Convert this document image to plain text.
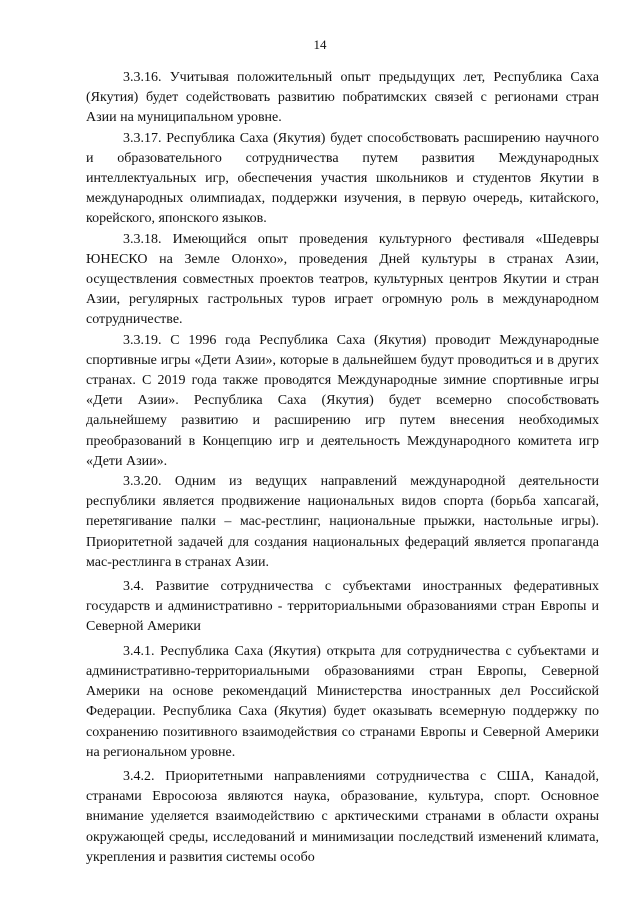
14

3.3.16. Учитывая положительный опыт предыдущих лет, Республика Саха (Якутия) будет содействовать развитию побратимских связей с регионами стран Азии на муниципальном уровне.

3.3.17. Республика Саха (Якутия) будет способствовать расширению научного и образовательного сотрудничества путем развития Международных интеллектуальных игр, обеспечения участия школьников и студентов Якутии в международных олимпиадах, поддержки изучения, в первую очередь, китайского, корейского, японского языков.

3.3.18. Имеющийся опыт проведения культурного фестиваля «Шедевры ЮНЕСКО на Земле Олонхо», проведения Дней культуры в странах Азии, осуществления совместных проектов театров, культурных центров Якутии и стран Азии, регулярных гастрольных туров играет огромную роль в международном сотрудничестве.

3.3.19. С 1996 года Республика Саха (Якутия) проводит Международные спортивные игры «Дети Азии», которые в дальнейшем будут проводиться и в других странах. С 2019 года также проводятся Международные зимние спортивные игры «Дети Азии». Республика Саха (Якутия) будет всемерно способствовать дальнейшему развитию и расширению игр путем внесения необходимых преобразований в Концепцию игр и деятельность Международного комитета игр «Дети Азии».

3.3.20. Одним из ведущих направлений международной деятельности республики является продвижение национальных видов спорта (борьба хапсагай, перетягивание палки – мас-рестлинг, национальные прыжки, настольные игры). Приоритетной задачей для создания национальных федераций является пропаганда мас-рестлинга в странах Азии.

3.4. Развитие сотрудничества с субъектами иностранных федеративных государств и административно - территориальными образованиями стран Европы и Северной Америки

3.4.1. Республика Саха (Якутия) открыта для сотрудничества с субъектами и административно-территориальными образованиями стран Европы, Северной Америки на основе рекомендаций Министерства иностранных дел Российской Федерации. Республика Саха (Якутия) будет оказывать всемерную поддержку по сохранению позитивного взаимодействия со странами Европы и Северной Америки на региональном уровне.

3.4.2. Приоритетными направлениями сотрудничества с США, Канадой, странами Евросоюза являются наука, образование, культура, спорт. Основное внимание уделяется взаимодействию с арктическими странами в области охраны окружающей среды, исследований и минимизации последствий изменений климата, укрепления и развития системы особо
